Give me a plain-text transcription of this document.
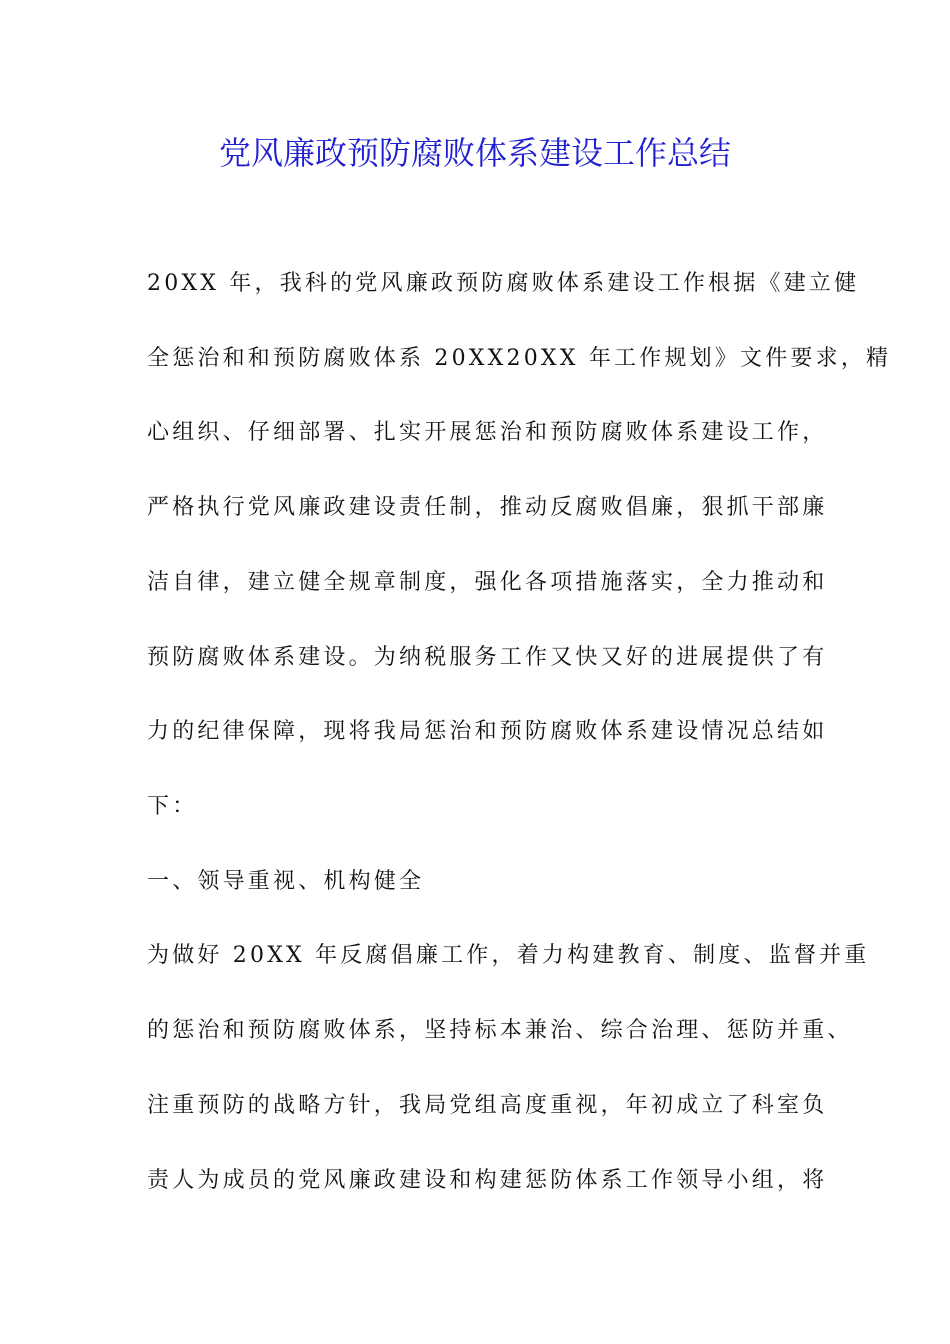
党风廉政预防腐败体系建设工作总结
20XX 年，我科的党风廉政预防腐败体系建设工作根据《建立健
全惩治和和预防腐败体系 20XX20XX 年工作规划》文件要求，精
心组织、仔细部署、扎实开展惩治和预防腐败体系建设工作，
严格执行党风廉政建设责任制，推动反腐败倡廉，狠抓干部廉
洁自律，建立健全规章制度，强化各项措施落实，全力推动和
预防腐败体系建设。为纳税服务工作又快又好的进展提供了有
力的纪律保障，现将我局惩治和预防腐败体系建设情况总结如
下：
一、领导重视、机构健全
为做好 20XX 年反腐倡廉工作，着力构建教育、制度、监督并重
的惩治和预防腐败体系，坚持标本兼治、综合治理、惩防并重、
注重预防的战略方针，我局党组高度重视，年初成立了科室负
责人为成员的党风廉政建设和构建惩防体系工作领导小组，将
